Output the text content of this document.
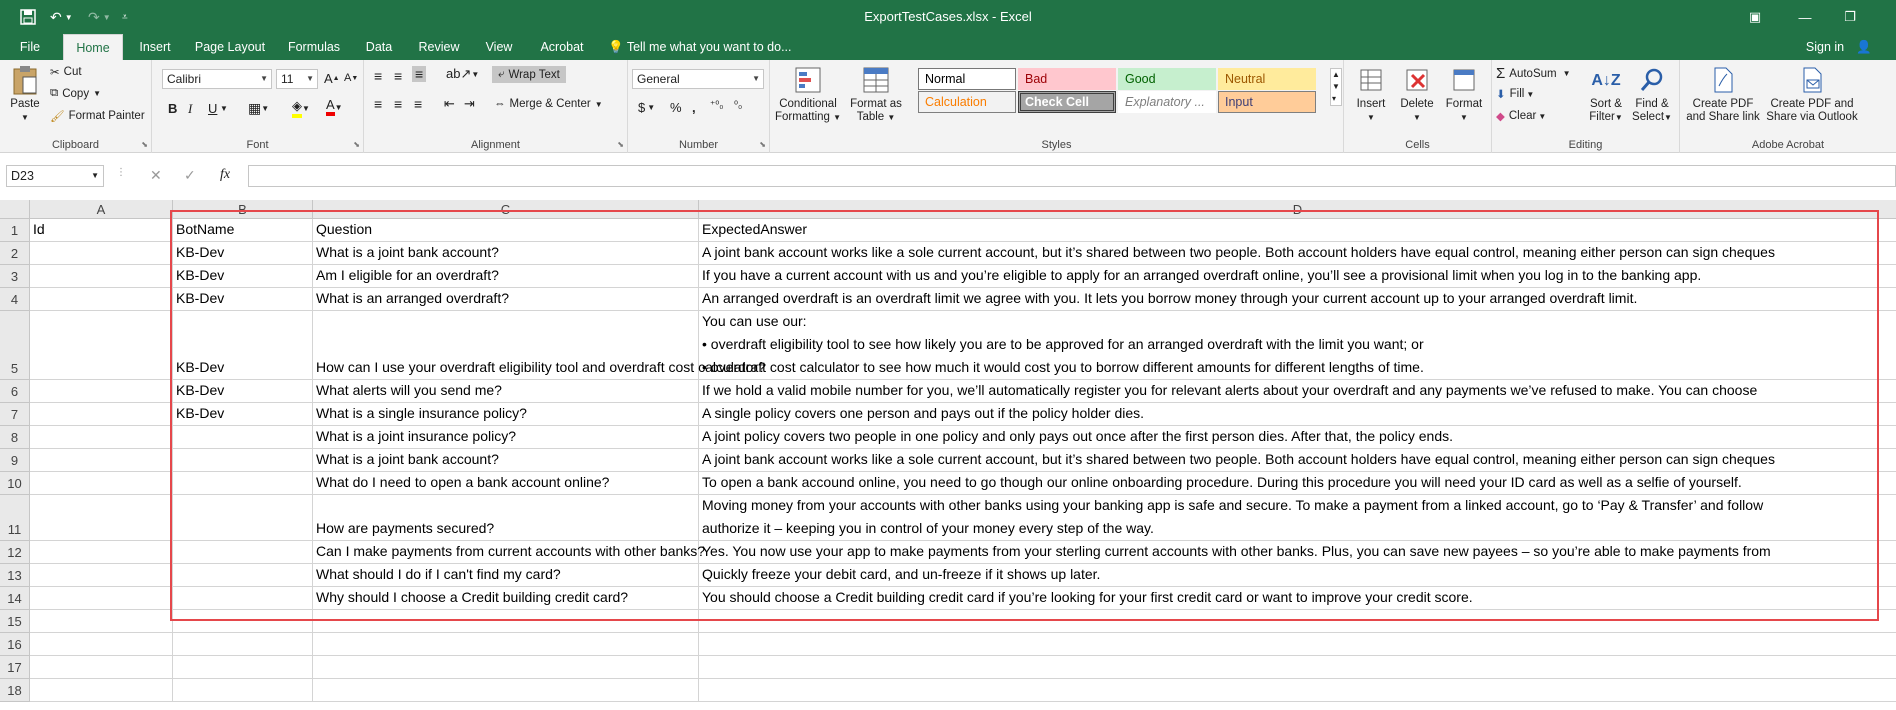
↶ ▼ ↷ ▼ ⩡	ExportTestCases.xlsx - Excel	▣	—	❐
File	Home	Insert	Page Layout	Formulas	Data	Review	View	Acrobat	💡 Tell me what you want to do...	Sign in 👤
Paste
▼
✂ Cut
⧉ Copy ▼
🖌 Format Painter
Clipboard	⬊
Calibri	▼	11 ▼ A ▲ A ▼
B I U ▼ ▦ ▼ ◈ ▼ A ▼
Font	⬊
≡ ≡ ≡ ab↗ ▼ ⤶ Wrap Text
≡ ≡ ≡ ⇤ ⇥ ⇔ Merge & Center ▼
Alignment	⬊
General	▼
$ ▼ % , ⁺⁰₀ ⁰₀
Number	⬊
Conditional
Formatting ▼
Format as
Table ▼
Normal	Bad	Good	Neutral
Calculation	Check Cell	Explanatory ...	Input
▲
▼
▾
Styles
Insert
▼
Delete
▼
Format
▼
Cells
Σ AutoSum ▼
⬇ Fill ▼
◆ Clear ▼
A↓Z
Sort &
Filter▼
Find &
Select▼
Editing
Create PDF
and Share link
Create PDF and
Share via Outlook
Adobe Acrobat
D23	▼ ⋮ ✕ ✓ fx
A	B	C	D
1	Id	BotName	Question	ExpectedAnswer
2	KB-Dev	What is a joint bank account?	A joint bank account works like a sole current account, but it’s shared between two people. Both account holders have equal control, meaning either person can sign cheques
3	KB-Dev	Am I eligible for an overdraft?	If you have a current account with us and you’re eligible to apply for an arranged overdraft online, you’ll see a provisional limit when you log in to the banking app.
4	KB-Dev	What is an arranged overdraft?	An arranged overdraft is an overdraft limit we agree with you. It lets you borrow money through your current account up to your arranged overdraft limit.
5	KB-Dev	How can I use your overdraft eligibility tool and overdraft cost calculator?
You can use our:
• overdraft eligibility tool to see how likely you are to be approved for an arranged overdraft with the limit you want; or
• overdraft cost calculator to see how much it would cost you to borrow different amounts for different lengths of time.
6	KB-Dev	What alerts will you send me?	If we hold a valid mobile number for you, we’ll automatically register you for relevant alerts about your overdraft and any payments we’ve refused to make. You can choose
7	KB-Dev	What is a single insurance policy?	A single policy covers one person and pays out if the policy holder dies.
8	What is a joint insurance policy?	A joint policy covers two people in one policy and only pays out once after the first person dies. After that, the policy ends.
9	What is a joint bank account?	A joint bank account works like a sole current account, but it’s shared between two people. Both account holders have equal control, meaning either person can sign cheques
10	What do I need to open a bank account online?	To open a bank accound online, you need to go though our online onboarding procedure. During this procedure you will need your ID card as well as a selfie of yourself.
11	How are payments secured?
Moving money from your accounts with other banks using your banking app is safe and secure. To make a payment from a linked account, go to ‘Pay & Transfer’ and follow
authorize it – keeping you in control of your money every step of the way.
12	Can I make payments from current accounts with other banks?
Yes. You now use your app to make payments from your sterling current accounts with other banks. Plus, you can save new payees – so you’re able to make payments from
13	What should I do if I can't find my card?	Quickly freeze your debit card, and un-freeze if it shows up later.
14	Why should I choose a Credit building credit card?	You should choose a Credit building credit card if you’re looking for your first credit card or want to improve your credit score.
15
16
17
18
